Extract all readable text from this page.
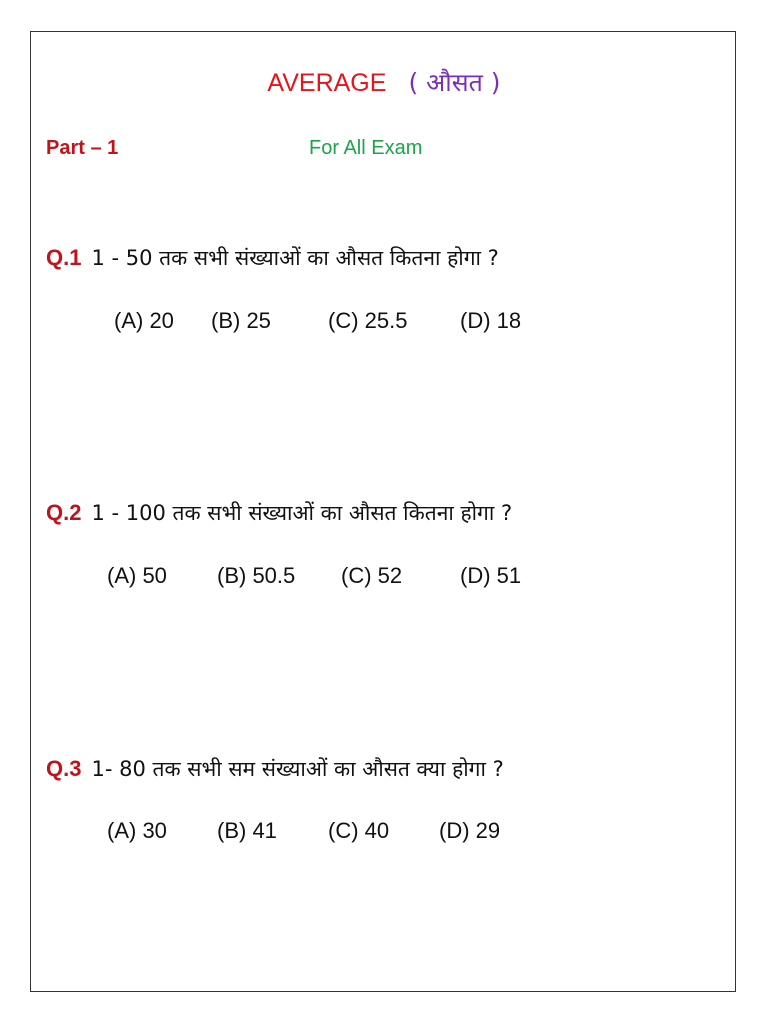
AVERAGE ( औसत )
Part – 1	For All Exam
Q.1 1 - 50 तक सभी संख्याओं का औसत कितना होगा ?
(A) 20 (B) 25	(C) 25.5 (D) 18
Q.2 1 - 100 तक सभी संख्याओं का औसत कितना होगा ?
(A) 50 (B) 50.5 (C) 52	(D) 51
Q.3 1- 80 तक सभी सम संख्याओं का औसत क्या होगा ?
(A) 30 (B) 41 (C) 40 (D) 29
